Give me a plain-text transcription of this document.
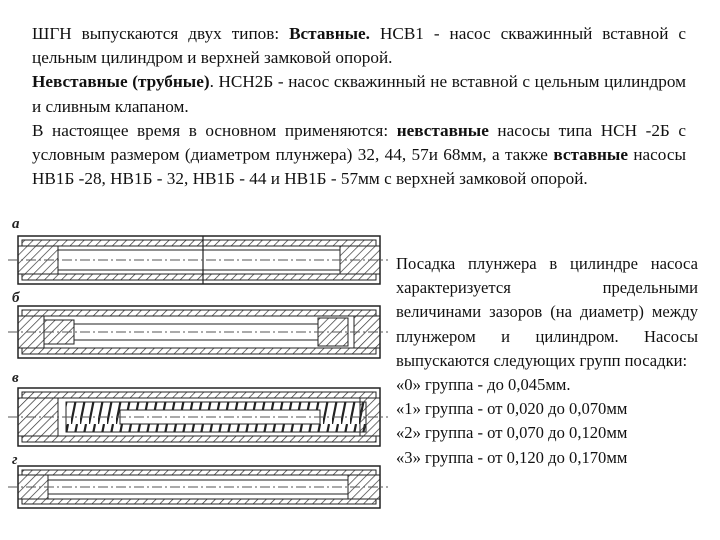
ШГН выпускаются двух типов: Вставные. НСВ1 - насос скважинный вставной с цельным цилиндром и верхней замковой опорой.

Невставные (трубные). НСН2Б - насос скважинный не вставной с цельным цилиндром и сливным клапаном.

В настоящее время в основном применяются: невставные насосы типа НСН -2Б с условным размером (диаметром плунжера) 32, 44, 57и 68мм, а также вставные насосы НВ1Б -28, НВ1Б - 32, НВ1Б - 44 и НВ1Б - 57мм с верхней замковой опорой.

а
б
в
г

Посадка плунжера в цилиндре насоса характеризуется предельными величинами зазоров (на диаметр) между плунжером и цилиндром. Насосы выпускаются следующих групп посадки:

«0» группа - до 0,045мм.

«1» группа - от 0,020 до 0,070мм

«2» группа - от 0,070 до 0,120мм

«3» группа - от 0,120 до 0,170мм
